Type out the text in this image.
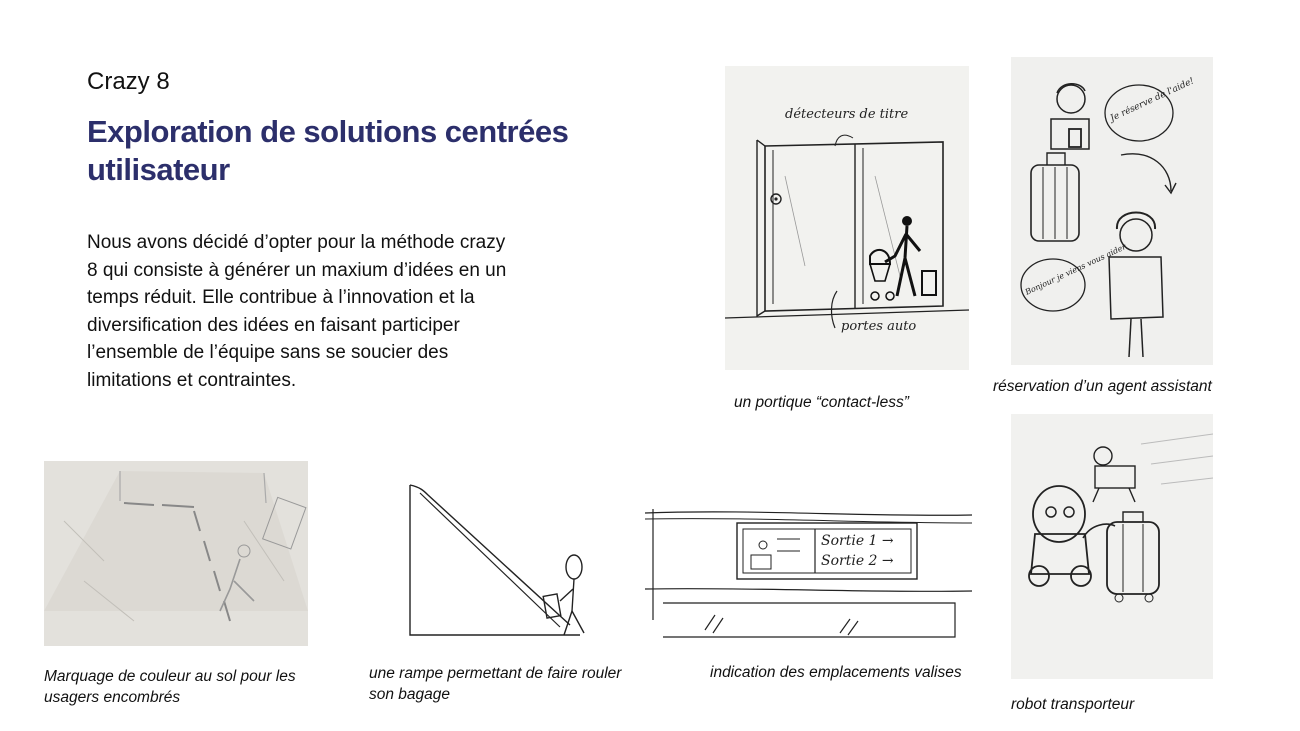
Crazy 8
Exploration de solutions centrées utilisateur
Nous avons décidé d’opter pour la méthode crazy 8 qui consiste à générer un maxium d’idées en un temps réduit. Elle contribue à l’innovation et la diversification des idées en faisant participer l’ensemble de l’équipe sans se soucier des limitations et contraintes.
détecteurs de titre
portes auto
un portique “contact-less”
Je réserve de l'aide!
Bonjour je viens vous aider
réservation d’un agent assistant
robot transporteur
Marquage de couleur au sol pour les usagers encombrés
une rampe permettant de faire rouler son bagage
Sortie 1 →
Sortie 2 →
indication des emplacements valises
